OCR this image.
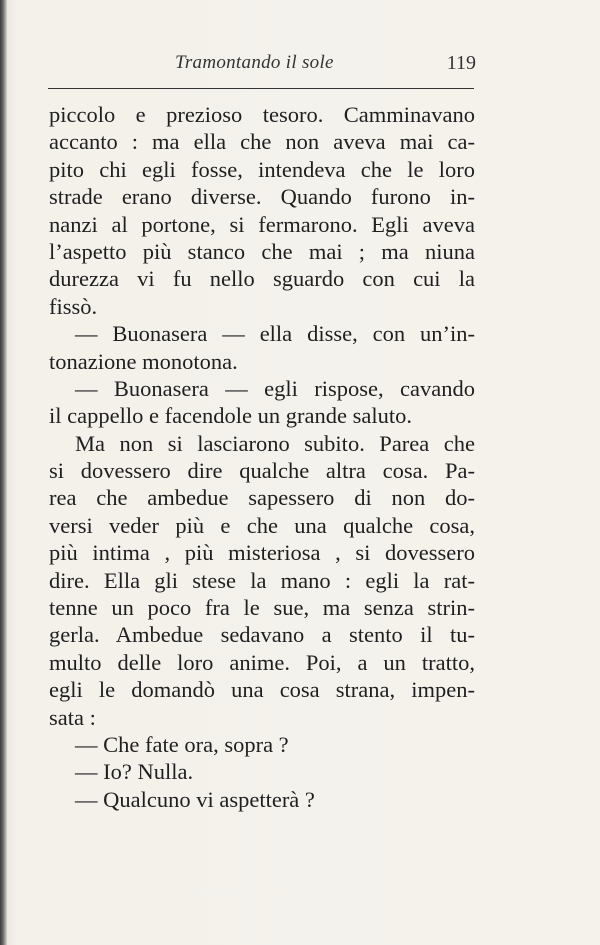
Tramontando il sole	119
piccolo e prezioso tesoro. Camminavano
accanto : ma ella che non aveva mai ca-
pito chi egli fosse, intendeva che le loro
strade erano diverse. Quando furono in-
nanzi al portone, si fermarono. Egli aveva
l’aspetto più stanco che mai ; ma niuna
durezza vi fu nello sguardo con cui la
fissò.
— Buonasera — ella disse, con un’in-
tonazione monotona.
— Buonasera — egli rispose, cavando
il cappello e facendole un grande saluto.
Ma non si lasciarono subito. Parea che
si dovessero dire qualche altra cosa. Pa-
rea che ambedue sapessero di non do-
versi veder più e che una qualche cosa,
più intima , più misteriosa , si dovessero
dire. Ella gli stese la mano : egli la rat-
tenne un poco fra le sue, ma senza strin-
gerla. Ambedue sedavano a stento il tu-
multo delle loro anime. Poi, a un tratto,
egli le domandò una cosa strana, impen-
sata :
— Che fate ora, sopra ?
— Io? Nulla.
— Qualcuno vi aspetterà ?
